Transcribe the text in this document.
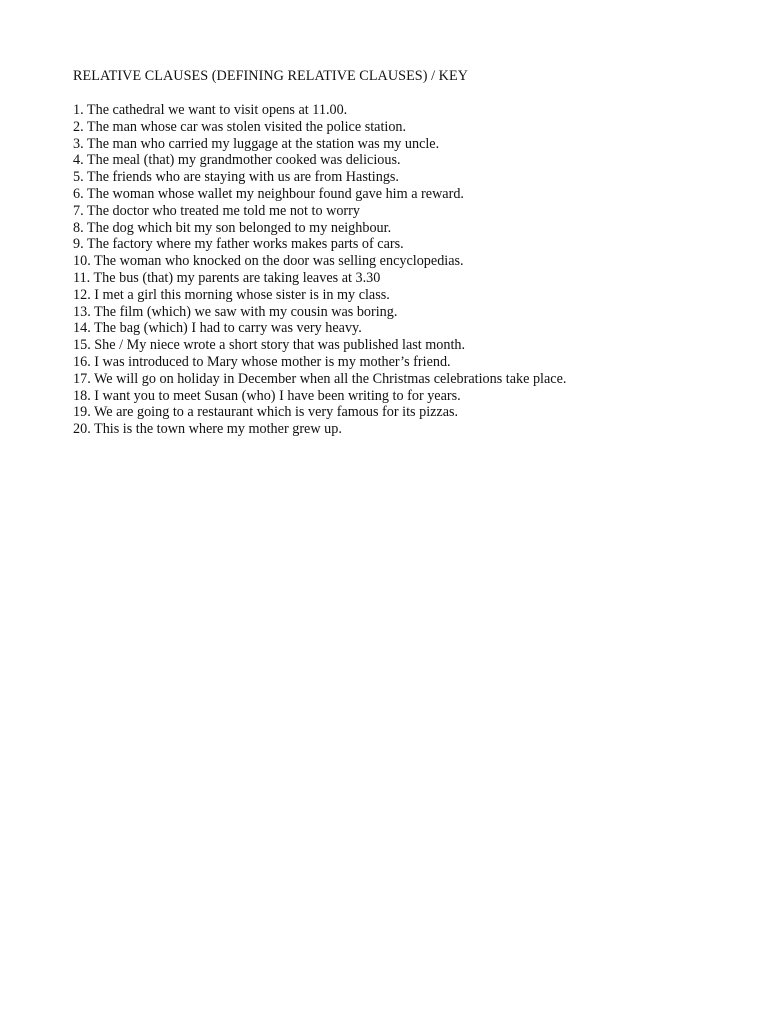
RELATIVE CLAUSES (DEFINING RELATIVE CLAUSES) / KEY
1. The cathedral we want to visit opens at 11.00.
2. The man whose car was stolen visited the police station.
3. The man who carried my luggage at the station was my uncle.
4. The meal (that) my grandmother cooked was delicious.
5. The friends who are staying with us are from Hastings.
6. The woman whose wallet my neighbour found gave him a reward.
7. The doctor who treated me told me not to worry
8. The dog which bit my son belonged to my neighbour.
9. The factory where my father works makes parts of cars.
10. The woman who knocked on the door was selling encyclopedias.
11. The bus (that) my parents are taking leaves at 3.30
12. I met a girl this morning whose sister is in my class.
13. The film (which) we saw with my cousin was boring.
14. The bag (which) I had to carry was very heavy.
15. She / My niece wrote a short story that was published last month.
16. I was introduced to Mary whose mother is my mother’s friend.
17. We will go on holiday in December when all the Christmas celebrations take place.
18. I want you to meet Susan (who) I have been writing to for years.
19. We are going to a restaurant which is very famous for its pizzas.
20. This is the town where my mother grew up.
